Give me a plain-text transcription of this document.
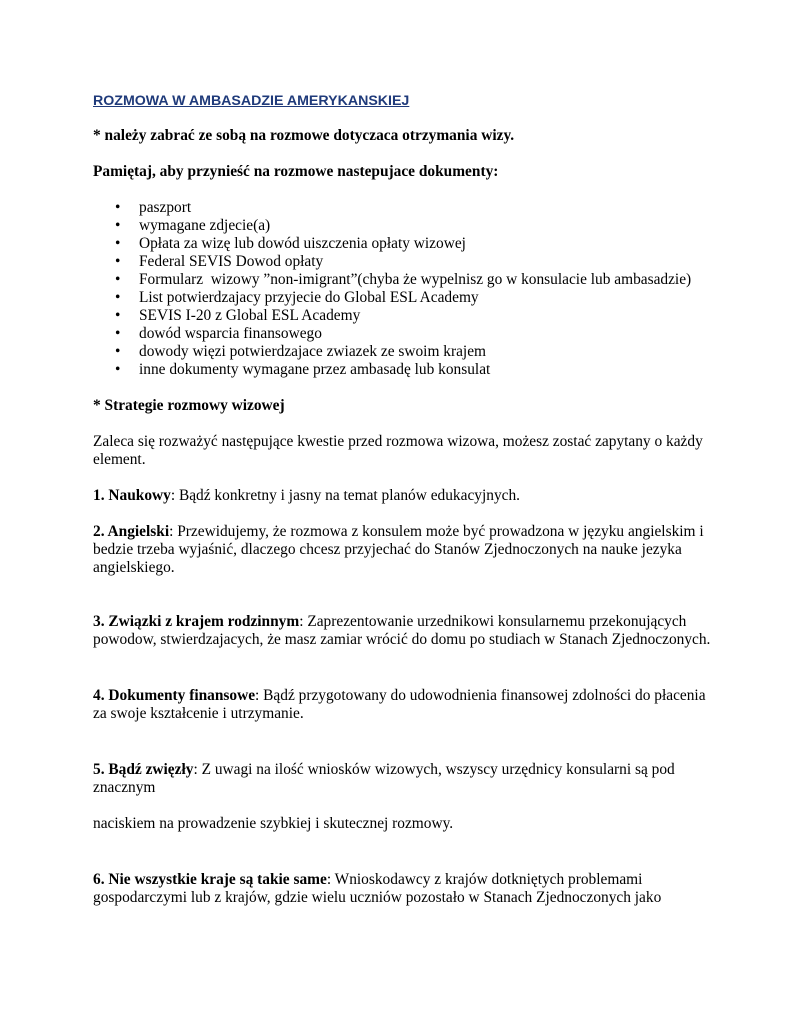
ROZMOWA W AMBASADZIE AMERYKANSKIEJ

* należy zabrać ze sobą na rozmowe dotyczaca otrzymania wizy.

Pamiętaj, aby przynieść na rozmowe nastepujace dokumenty:

• paszport
• wymagane zdjecie(a)
• Opłata za wizę lub dowód uiszczenia opłaty wizowej
• Federal SEVIS Dowod opłaty
• Formularz  wizowy ”non-imigrant”(chyba że wypelnisz go w konsulacie lub ambasadzie)
• List potwierdzajacy przyjecie do Global ESL Academy
• SEVIS I-20 z Global ESL Academy
• dowód wsparcia finansowego
• dowody więzi potwierdzajace zwiazek ze swoim krajem
• inne dokumenty wymagane przez ambasadę lub konsulat

* Strategie rozmowy wizowej

Zaleca się rozważyć następujące kwestie przed rozmowa wizowa, możesz zostać zapytany o każdy element.

1. Naukowy: Bądź konkretny i jasny na temat planów edukacyjnych.

2. Angielski: Przewidujemy, że rozmowa z konsulem może być prowadzona w języku angielskim i bedzie trzeba wyjaśnić, dlaczego chcesz przyjechać do Stanów Zjednoczonych na nauke jezyka angielskiego.

3. Związki z krajem rodzinnym: Zaprezentowanie urzednikowi konsularnemu przekonujących powodow, stwierdzajacych, że masz zamiar wrócić do domu po studiach w Stanach Zjednoczonych.

4. Dokumenty finansowe: Bądź przygotowany do udowodnienia finansowej zdolności do płacenia za swoje kształcenie i utrzymanie.

5. Bądź zwięzły: Z uwagi na ilość wniosków wizowych, wszyscy urzędnicy konsularni są pod znacznym

naciskiem na prowadzenie szybkiej i skutecznej rozmowy.

6. Nie wszystkie kraje są takie same: Wnioskodawcy z krajów dotkniętych problemami gospodarczymi lub z krajów, gdzie wielu uczniów pozostało w Stanach Zjednoczonych jako
